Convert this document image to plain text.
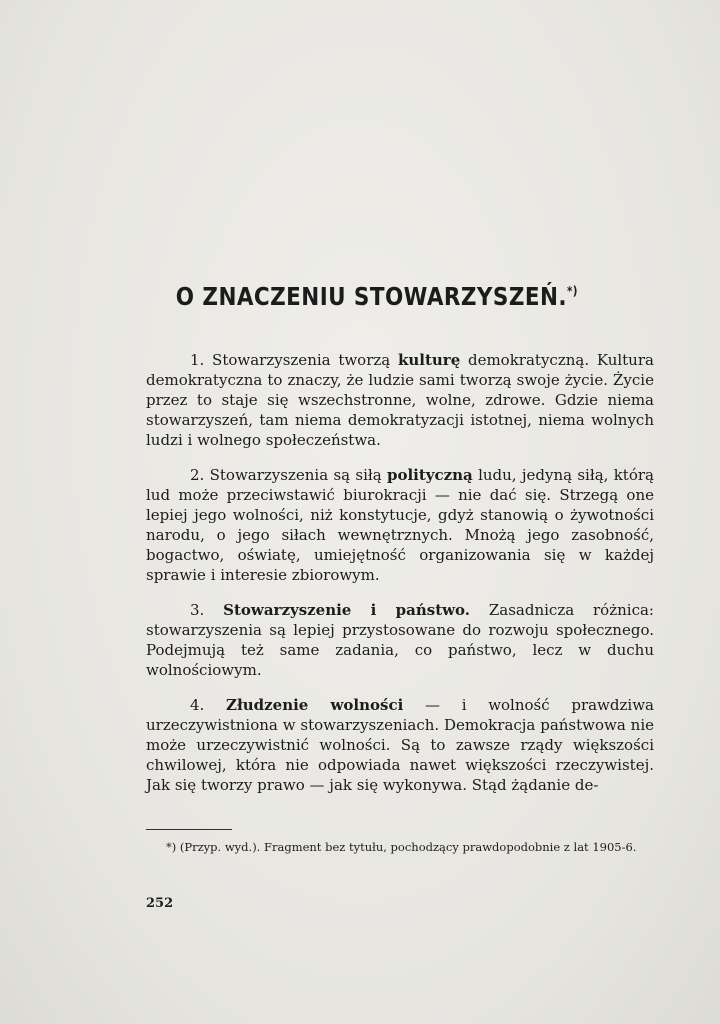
O ZNACZENIU STOWARZYSZEŃ.*)

1. Stowarzyszenia tworzą kulturę demokratyczną. Kultura demokratyczna to znaczy, że ludzie sami tworzą swoje życie. Życie przez to staje się wszechstronne, wolne, zdrowe. Gdzie niema stowarzyszeń, tam niema demokratyzacji istotnej, niema wolnych ludzi i wolnego społeczeństwa.

2. Stowarzyszenia są siłą polityczną ludu, jedyną siłą, którą lud może przeciwstawić biurokracji — nie dać się. Strzegą one lepiej jego wolności, niż konstytucje, gdyż stanowią o żywotności narodu, o jego siłach wewnętrznych. Mnożą jego zasobność, bogactwo, oświatę, umiejętność organizowania się w każdej sprawie i interesie zbiorowym.

3. Stowarzyszenie i państwo. Zasadnicza różnica: stowarzyszenia są lepiej przystosowane do rozwoju społecznego. Podejmują też same zadania, co państwo, lecz w duchu wolnościowym.

4. Złudzenie wolności — i wolność prawdziwa urzeczywistniona w stowarzyszeniach. Demokracja państwowa nie może urzeczywistnić wolności. Są to zawsze rządy większości chwilowej, która nie odpowiada nawet większości rzeczywistej. Jak się tworzy prawo — jak się wykonywa. Stąd żądanie de-

*) (Przyp. wyd.). Fragment bez tytułu, pochodzący prawdopodobnie z lat 1905-6.
252
